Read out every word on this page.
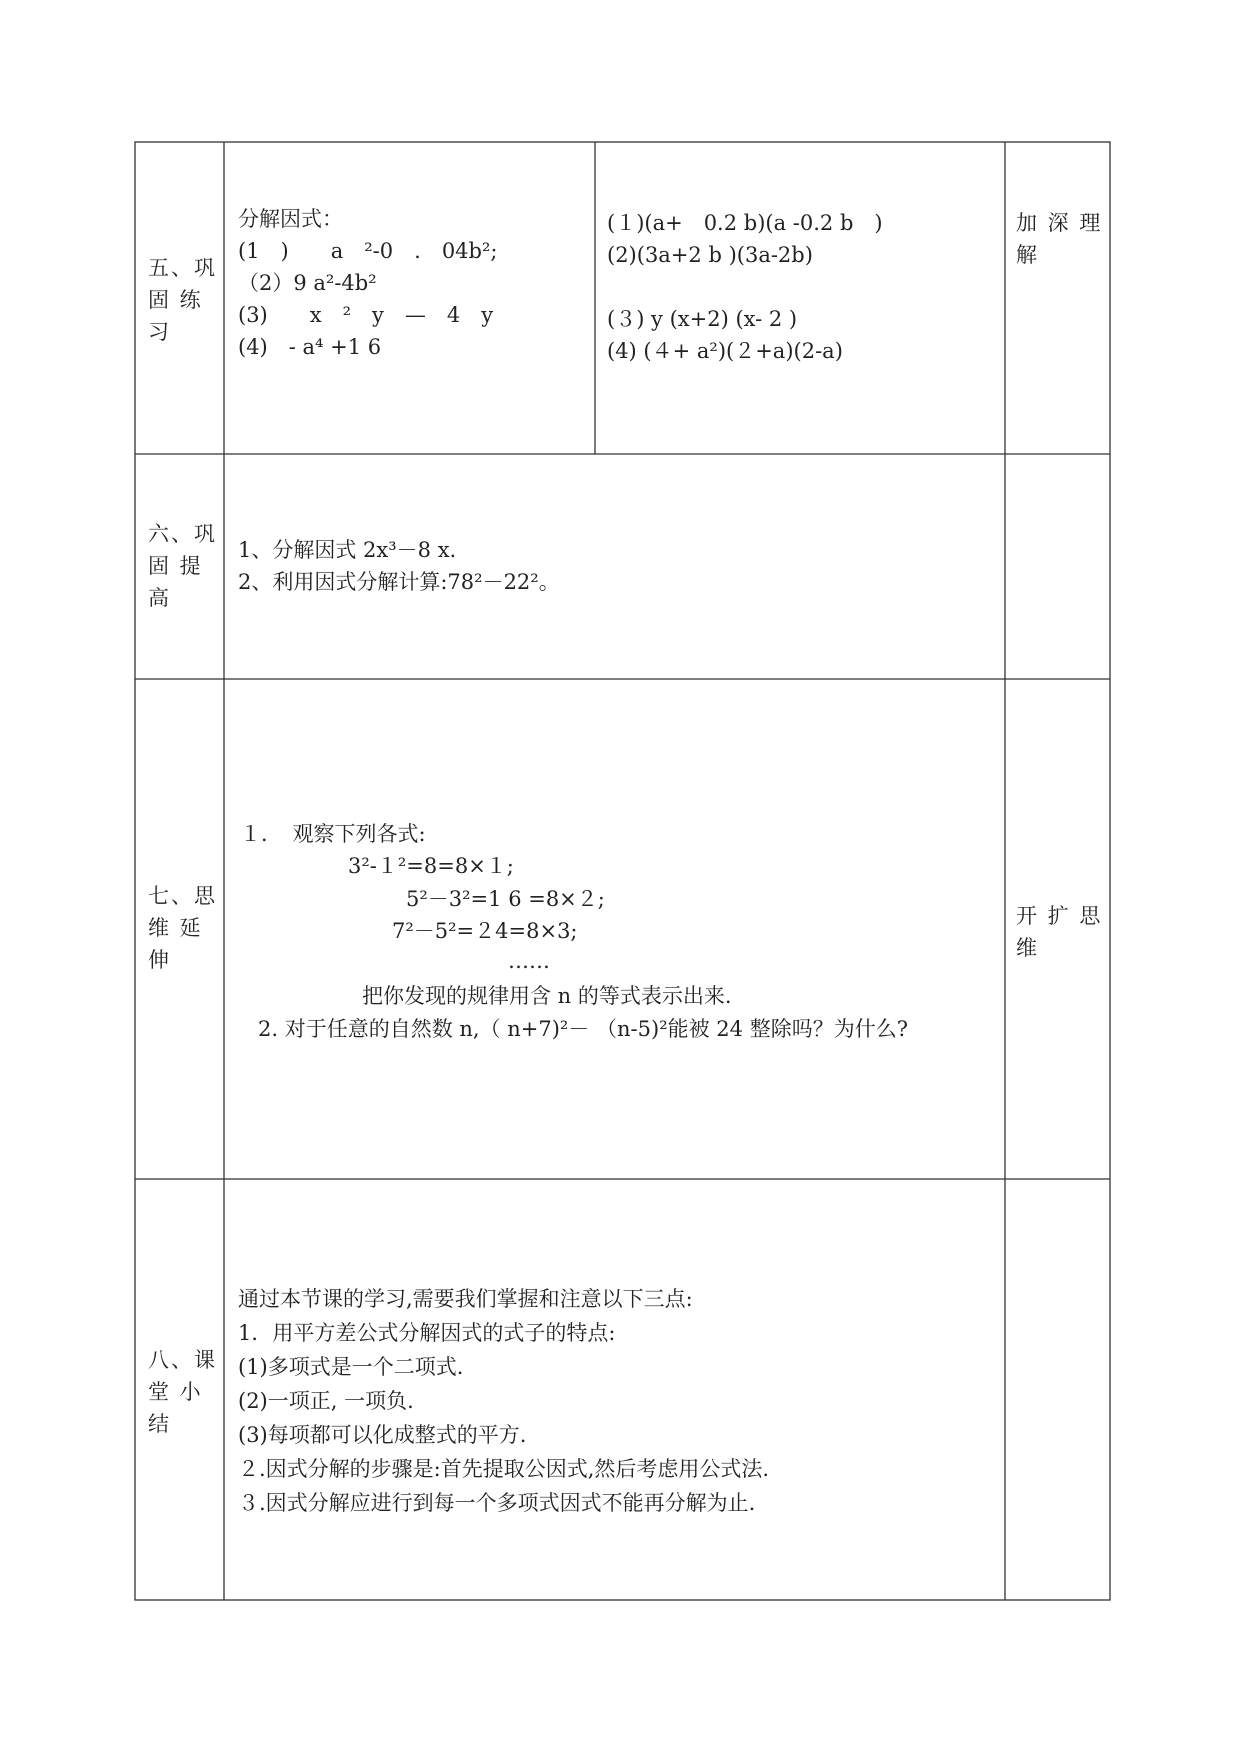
五、巩
固 练
习
分解因式：
(1　)　　a　²-0　.　04b²;
（2）9 a²-4b²
(3)　　x　²　y　—　4　y
(4)　- a⁴ +1 6
(１)(a+　0.2 b)(a -0.2 b　)
(2)(3a+2 b )(3a-2b)
(３) y (x+2) (x- 2 )
(4) (４+ a²)(２+a)(2-a)
加 深 理
解
六、巩
固 提
高
1、分解因式 2x³－8 x.
2、利用因式分解计算:78²－22²。
七、思
维 延
伸
１．　观察下列各式:
3²-１²=8=8×１;
5²－3²=1 6 =8×２;
7²－5²=２4=8×3;
……
把你发现的规律用含 n 的等式表示出来.
2. 对于任意的自然数 n,（ n+7)²－ （n-5)²能被 24 整除吗？为什么?
开 扩 思
维
八、课
堂 小
结
通过本节课的学习,需要我们掌握和注意以下三点:
1．用平方差公式分解因式的式子的特点:
(1)多项式是一个二项式.
(2)一项正, 一项负.
(3)每项都可以化成整式的平方.
２.因式分解的步骤是:首先提取公因式,然后考虑用公式法.
３.因式分解应进行到每一个多项式因式不能再分解为止.
